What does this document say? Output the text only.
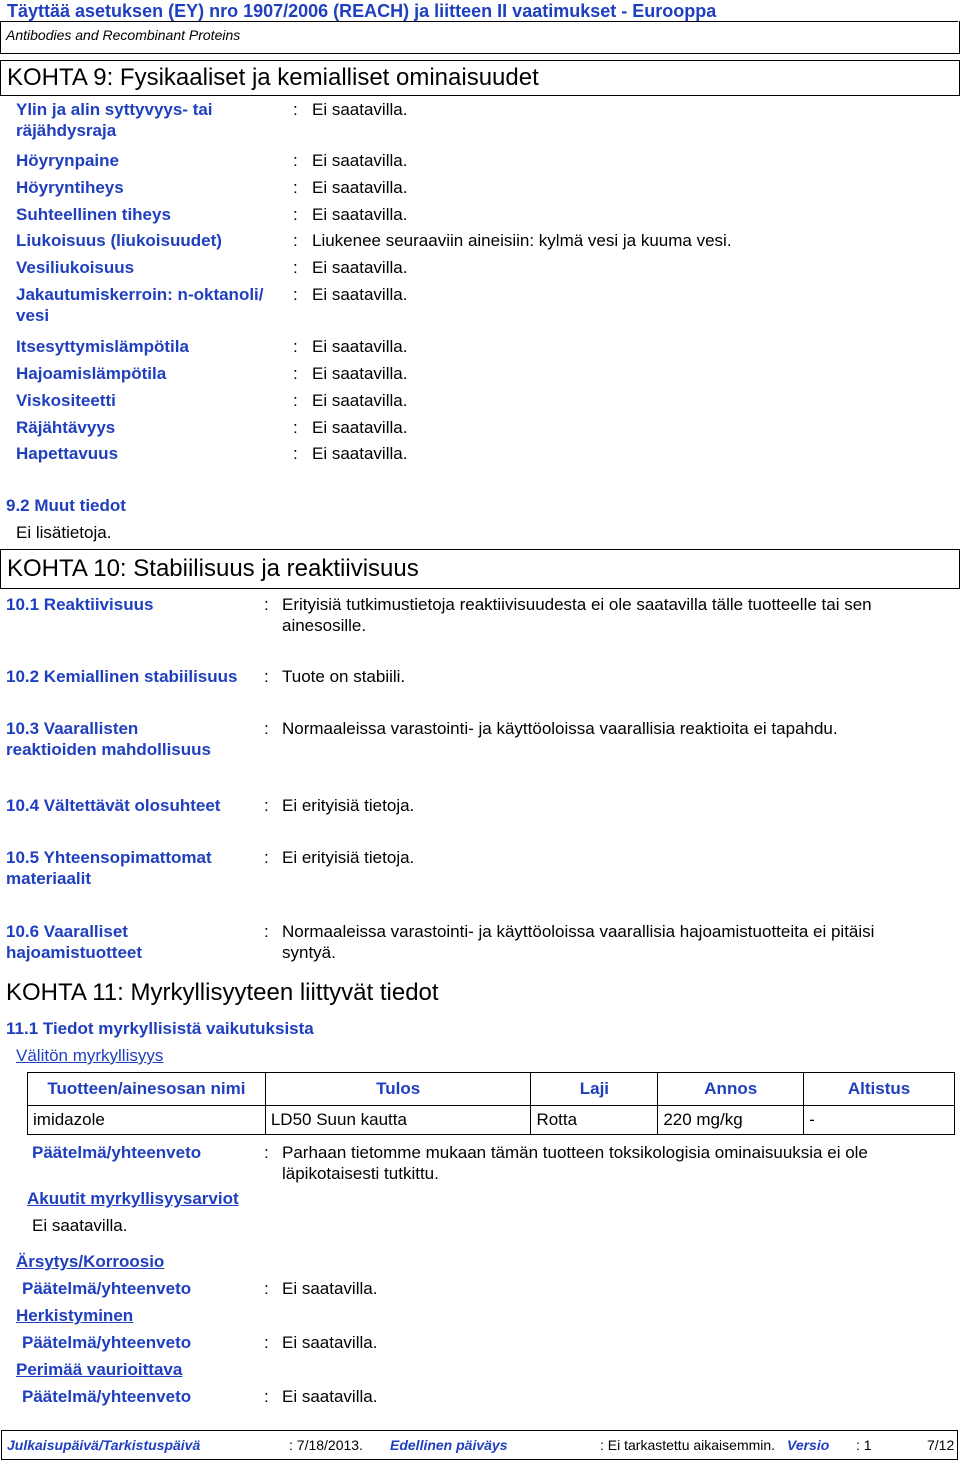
Täyttää asetuksen (EY) nro 1907/2006 (REACH) ja liitteen II vaatimukset - Eurooppa
Antibodies and Recombinant Proteins
KOHTA 9: Fysikaaliset ja kemialliset ominaisuudet
Ylin ja alin syttyvyys- tai
räjähdysraja
: Ei saatavilla.
Höyrynpaine	: Ei saatavilla.
Höyryntiheys	: Ei saatavilla.
Suhteellinen tiheys	: Ei saatavilla.
Liukoisuus (liukoisuudet)	: Liukenee seuraaviin aineisiin: kylmä vesi ja kuuma vesi.
Vesiliukoisuus	: Ei saatavilla.
Jakautumiskerroin: n-oktanoli/
vesi
: Ei saatavilla.
Itsesyttymislämpötila	: Ei saatavilla.
Hajoamislämpötila	: Ei saatavilla.
Viskositeetti	: Ei saatavilla.
Räjähtävyys	: Ei saatavilla.
Hapettavuus	: Ei saatavilla.
9.2 Muut tiedot
Ei lisätietoja.
KOHTA 10: Stabiilisuus ja reaktiivisuus
10.1 Reaktiivisuus	: Erityisiä tutkimustietoja reaktiivisuudesta ei ole saatavilla tälle tuotteelle tai sen
ainesosille.
10.2 Kemiallinen stabiilisuus : Tuote on stabiili.
10.3 Vaarallisten
reaktioiden mahdollisuus
: Normaaleissa varastointi- ja käyttöoloissa vaarallisia reaktioita ei tapahdu.
10.4 Vältettävät olosuhteet	: Ei erityisiä tietoja.
10.5 Yhteensopimattomat
materiaalit
: Ei erityisiä tietoja.
10.6 Vaaralliset
hajoamistuotteet
: Normaaleissa varastointi- ja käyttöoloissa vaarallisia hajoamistuotteita ei pitäisi
syntyä.
KOHTA 11: Myrkyllisyyteen liittyvät tiedot
11.1 Tiedot myrkyllisistä vaikutuksista
Välitön myrkyllisyys
Tuotteen/ainesosan nimi	Tulos	Laji	Annos	Altistus
imidazole	LD50 Suun kautta	Rotta	220 mg/kg	-
Päätelmä/yhteenveto	: Parhaan tietomme mukaan tämän tuotteen toksikologisia ominaisuuksia ei ole
läpikotaisesti tutkittu.
Akuutit myrkyllisyysarviot
Ei saatavilla.
Ärsytys/Korroosio
Päätelmä/yhteenveto	: Ei saatavilla.
Herkistyminen
Päätelmä/yhteenveto	: Ei saatavilla.
Perimää vaurioittava
Päätelmä/yhteenveto	: Ei saatavilla.
Julkaisupäivä/Tarkistuspäivä	: 7/18/2013. Edellinen päiväys	: Ei tarkastettu aikaisemmin. Versio : 1	7/12
